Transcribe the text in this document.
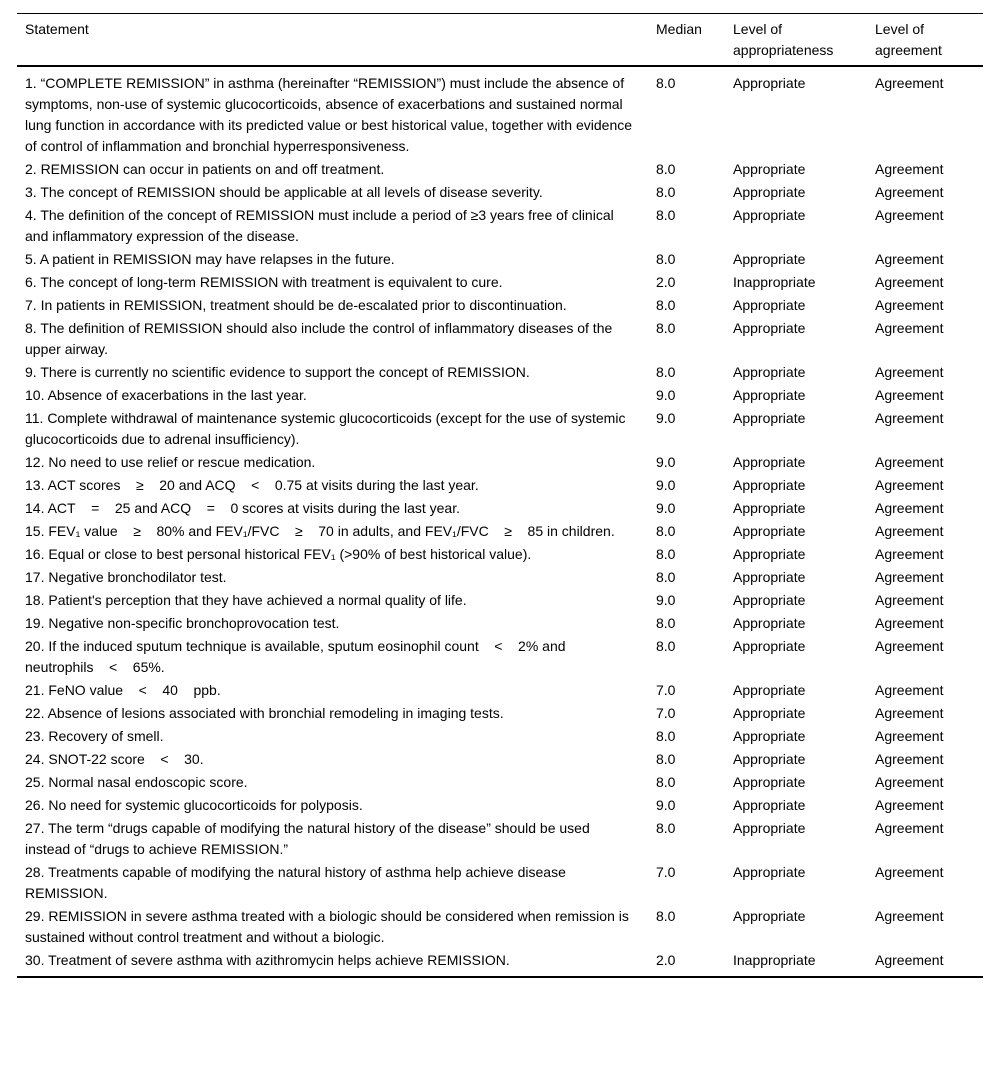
Statement	Median	Level of appropriateness	Level of agreement
1. “COMPLETE REMISSION” in asthma (hereinafter “REMISSION”) must include the absence of symptoms, non-use of systemic glucocorticoids, absence of exacerbations and sustained normal lung function in accordance with its predicted value or best historical value, together with evidence of control of inflammation and bronchial hyperresponsiveness.	8.0	Appropriate	Agreement
2. REMISSION can occur in patients on and off treatment.	8.0	Appropriate	Agreement
3. The concept of REMISSION should be applicable at all levels of disease severity.	8.0	Appropriate	Agreement
4. The definition of the concept of REMISSION must include a period of ≥3 years free of clinical and inflammatory expression of the disease.	8.0	Appropriate	Agreement
5. A patient in REMISSION may have relapses in the future.	8.0	Appropriate	Agreement
6. The concept of long-term REMISSION with treatment is equivalent to cure.	2.0	Inappropriate	Agreement
7. In patients in REMISSION, treatment should be de-escalated prior to discontinuation.	8.0	Appropriate	Agreement
8. The definition of REMISSION should also include the control of inflammatory diseases of the upper airway.	8.0	Appropriate	Agreement
9. There is currently no scientific evidence to support the concept of REMISSION.	8.0	Appropriate	Agreement
10. Absence of exacerbations in the last year.	9.0	Appropriate	Agreement
11. Complete withdrawal of maintenance systemic glucocorticoids (except for the use of systemic glucocorticoids due to adrenal insufficiency).	9.0	Appropriate	Agreement
12. No need to use relief or rescue medication.	9.0	Appropriate	Agreement
13. ACT scores    ≥    20 and ACQ    <    0.75 at visits during the last year.	9.0	Appropriate	Agreement
14. ACT    =    25 and ACQ    =    0 scores at visits during the last year.	9.0	Appropriate	Agreement
15. FEV₁ value    ≥    80% and FEV₁/FVC    ≥    70 in adults, and FEV₁/FVC    ≥    85 in children.	8.0	Appropriate	Agreement
16. Equal or close to best personal historical FEV₁ (>90% of best historical value).	8.0	Appropriate	Agreement
17. Negative bronchodilator test.	8.0	Appropriate	Agreement
18. Patient's perception that they have achieved a normal quality of life.	9.0	Appropriate	Agreement
19. Negative non-specific bronchoprovocation test.	8.0	Appropriate	Agreement
20. If the induced sputum technique is available, sputum eosinophil count    <    2% and neutrophils    <    65%.	8.0	Appropriate	Agreement
21. FeNO value    <    40    ppb.	7.0	Appropriate	Agreement
22. Absence of lesions associated with bronchial remodeling in imaging tests.	7.0	Appropriate	Agreement
23. Recovery of smell.	8.0	Appropriate	Agreement
24. SNOT-22 score    <    30.	8.0	Appropriate	Agreement
25. Normal nasal endoscopic score.	8.0	Appropriate	Agreement
26. No need for systemic glucocorticoids for polyposis.	9.0	Appropriate	Agreement
27. The term “drugs capable of modifying the natural history of the disease” should be used instead of “drugs to achieve REMISSION.”	8.0	Appropriate	Agreement
28. Treatments capable of modifying the natural history of asthma help achieve disease REMISSION.	7.0	Appropriate	Agreement
29. REMISSION in severe asthma treated with a biologic should be considered when remission is sustained without control treatment and without a biologic.	8.0	Appropriate	Agreement
30. Treatment of severe asthma with azithromycin helps achieve REMISSION.	2.0	Inappropriate	Agreement
